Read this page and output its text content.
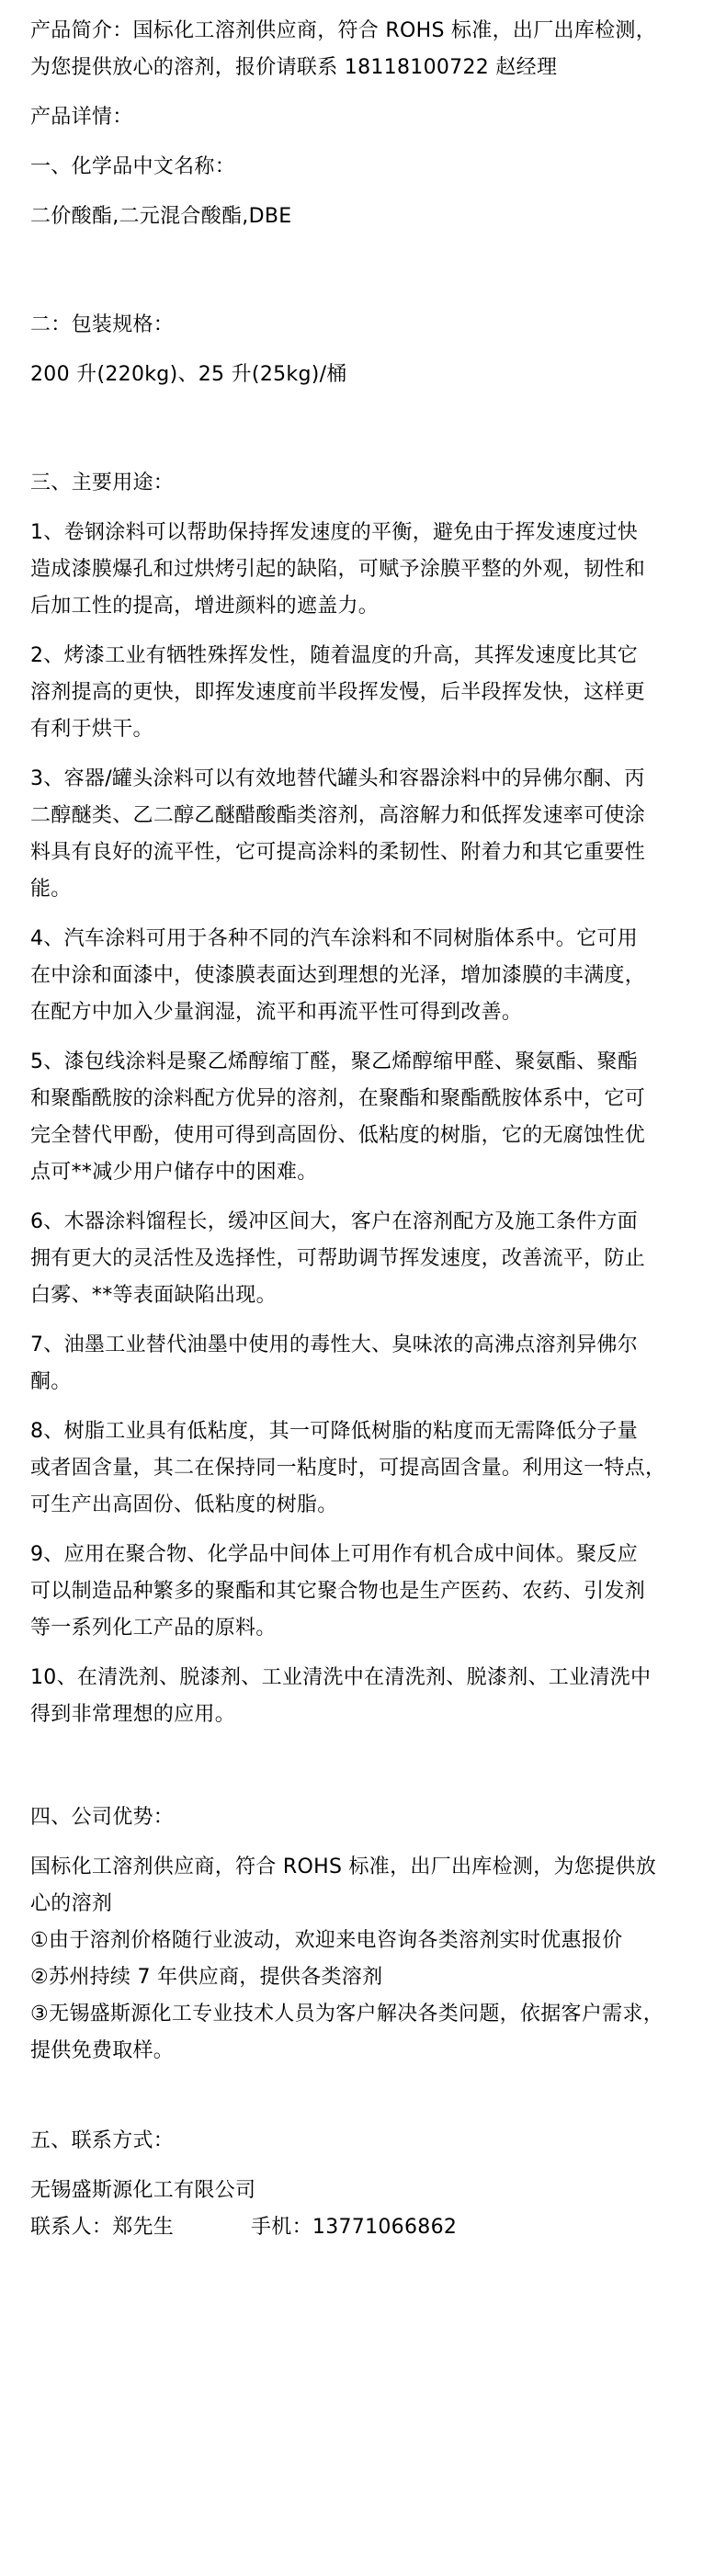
产品简介：国标化工溶剂供应商，符合 ROHS 标准，出厂出库检测，

为您提供放心的溶剂，报价请联系 18118100722 赵经理

产品详情：

一、化学品中文名称：

二价酸酯,二元混合酸酯,DBE

二：包装规格：

200 升(220kg)、25 升(25kg)/桶

三、主要用途：

1、卷钢涂料可以帮助保持挥发速度的平衡，避免由于挥发速度过快

造成漆膜爆孔和过烘烤引起的缺陷，可赋予涂膜平整的外观，韧性和

后加工性的提高，增进颜料的遮盖力。

2、烤漆工业有牺牲殊挥发性，随着温度的升高，其挥发速度比其它

溶剂提高的更快，即挥发速度前半段挥发慢，后半段挥发快，这样更

有利于烘干。

3、容器/罐头涂料可以有效地替代罐头和容器涂料中的异佛尔酮、丙

二醇醚类、乙二醇乙醚醋酸酯类溶剂，高溶解力和低挥发速率可使涂

料具有良好的流平性，它可提高涂料的柔韧性、附着力和其它重要性

能。

4、汽车涂料可用于各种不同的汽车涂料和不同树脂体系中。它可用

在中涂和面漆中，使漆膜表面达到理想的光泽，增加漆膜的丰满度，

在配方中加入少量润湿，流平和再流平性可得到改善。

5、漆包线涂料是聚乙烯醇缩丁醛，聚乙烯醇缩甲醛、聚氨酯、聚酯

和聚酯酰胺的涂料配方优异的溶剂，在聚酯和聚酯酰胺体系中，它可

完全替代甲酚，使用可得到高固份、低粘度的树脂，它的无腐蚀性优

点可**减少用户储存中的困难。

6、木器涂料馏程长，缓冲区间大，客户在溶剂配方及施工条件方面

拥有更大的灵活性及选择性，可帮助调节挥发速度，改善流平，防止

白雾、**等表面缺陷出现。

7、油墨工业替代油墨中使用的毒性大、臭味浓的高沸点溶剂异佛尔

酮。

8、树脂工业具有低粘度，其一可降低树脂的粘度而无需降低分子量

或者固含量，其二在保持同一粘度时，可提高固含量。利用这一特点，

可生产出高固份、低粘度的树脂。

9、应用在聚合物、化学品中间体上可用作有机合成中间体。聚反应

可以制造品种繁多的聚酯和其它聚合物也是生产医药、农药、引发剂

等一系列化工产品的原料。

10、在清洗剂、脱漆剂、工业清洗中在清洗剂、脱漆剂、工业清洗中

得到非常理想的应用。

四、公司优势：

国标化工溶剂供应商，符合 ROHS 标准，出厂出库检测，为您提供放

心的溶剂

①由于溶剂价格随行业波动，欢迎来电咨询各类溶剂实时优惠报价

②苏州持续 7 年供应商，提供各类溶剂

③无锡盛斯源化工专业技术人员为客户解决各类问题，依据客户需求，

提供免费取样。

五、联系方式：

无锡盛斯源化工有限公司

联系人：郑先生	手机：13771066862
